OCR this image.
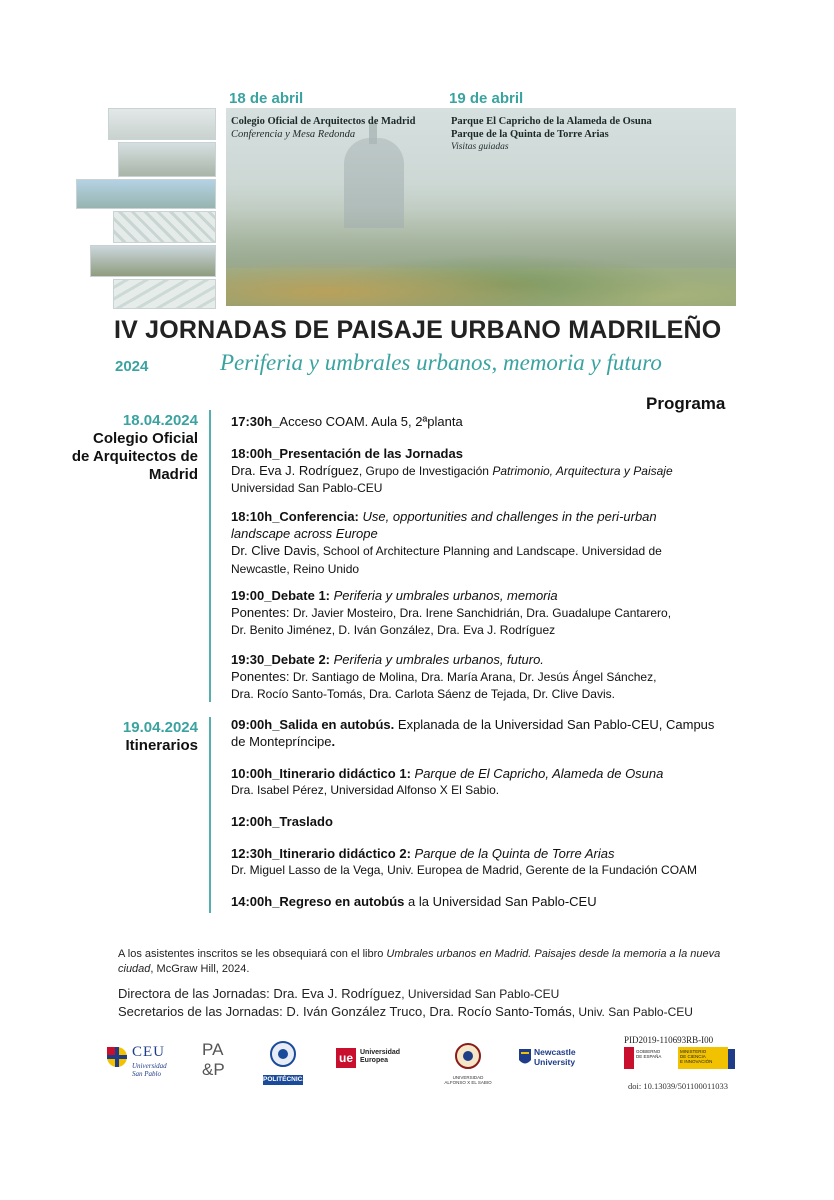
18 de abril
Colegio Oficial de Arquitectos de Madrid
Conferencia y Mesa Redonda
19 de abril
Parque El Capricho de la Alameda de Osuna
Parque de la Quinta de Torre Arias
Visitas guiadas
IV JORNADAS DE PAISAJE URBANO MADRILEÑO
2024	Periferia y umbrales urbanos, memoria y futuro
Programa
18.04.2024
Colegio Oficial
de Arquitectos de
Madrid
19.04.2024
Itinerarios
17:30h_Acceso COAM. Aula 5, 2ªplanta
18:00h_Presentación de las Jornadas
Dra. Eva J. Rodríguez, Grupo de Investigación Patrimonio, Arquitectura y Paisaje
Universidad San Pablo-CEU
18:10h_Conferencia: Use, opportunities and challenges in the peri-urban landscape across Europe
Dr. Clive Davis, School of Architecture Planning and Landscape. Universidad de Newcastle, Reino Unido
19:00_Debate 1: Periferia y umbrales urbanos, memoria
Ponentes: Dr. Javier Mosteiro, Dra. Irene Sanchidrián, Dra. Guadalupe Cantarero,
Dr. Benito Jiménez, D. Iván González, Dra. Eva J. Rodríguez
19:30_Debate 2: Periferia y umbrales urbanos, futuro.
Ponentes: Dr. Santiago de Molina, Dra. María Arana, Dr. Jesús Ángel Sánchez,
Dra. Rocío Santo-Tomás, Dra. Carlota Sáenz de Tejada, Dr. Clive Davis.
09:00h_Salida en autobús. Explanada de la Universidad San Pablo-CEU, Campus
de Montepríncipe.
10:00h_Itinerario didáctico 1: Parque de El Capricho, Alameda de Osuna
Dra. Isabel Pérez, Universidad Alfonso X El Sabio.
12:00h_Traslado
12:30h_Itinerario didáctico 2: Parque de la Quinta de Torre Arias
Dr. Miguel Lasso de la Vega, Univ. Europea de Madrid, Gerente de la Fundación COAM
14:00h_Regreso en autobús a la Universidad San Pablo-CEU
A los asistentes inscritos se les obsequiará con el libro Umbrales urbanos en Madrid. Paisajes desde la memoria a la nueva ciudad, McGraw Hill, 2024.
Directora de las Jornadas: Dra. Eva J. Rodríguez, Universidad San Pablo-CEU
Secretarios de las Jornadas: D. Iván González Truco, Dra. Rocío Santo-Tomás, Univ. San Pablo-CEU
CEU
Universidad
San Pablo
PA
&P
POLITÉCNICA
ue	Universidad
Europea
UNIVERSIDAD
ALFONSO X EL SABIO
Newcastle
University
PID2019-110693RB-I00
GOBIERNO
DE ESPAÑA
MINISTERIO
DE CIENCIA
E INNOVACIÓN
doi: 10.13039/501100011033
